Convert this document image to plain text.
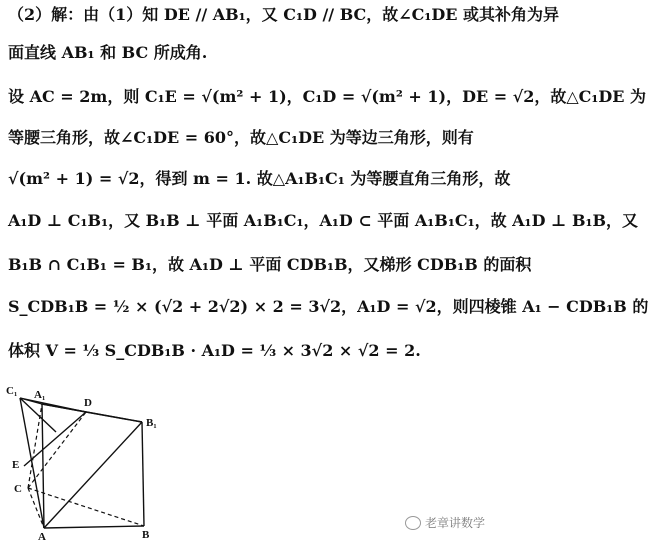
（2）解：由（1）知 DE // AB₁，又 C₁D // BC，故∠C₁DE 或其补角为异
面直线 AB₁ 和 BC 所成角.
设 AC = 2m，则 C₁E = √(m² + 1)，C₁D = √(m² + 1)，DE = √2，故△C₁DE 为
等腰三角形，故∠C₁DE = 60°，故△C₁DE 为等边三角形，则有
√(m² + 1) = √2，得到 m = 1. 故△A₁B₁C₁ 为等腰直角三角形，故
A₁D ⊥ C₁B₁，又 B₁B ⊥ 平面 A₁B₁C₁，A₁D ⊂ 平面 A₁B₁C₁，故 A₁D ⊥ B₁B，又
B₁B ∩ C₁B₁ = B₁，故 A₁D ⊥ 平面 CDB₁B，又梯形 CDB₁B 的面积
S_CDB₁B = ½ × (√2 + 2√2) × 2 = 3√2，A₁D = √2，则四棱锥 A₁ − CDB₁B 的
体积 V = ⅓ S_CDB₁B · A₁D = ⅓ × 3√2 × √2 = 2.
C₁ A₁
D
B₁
E
C
A	B
老章讲数学
